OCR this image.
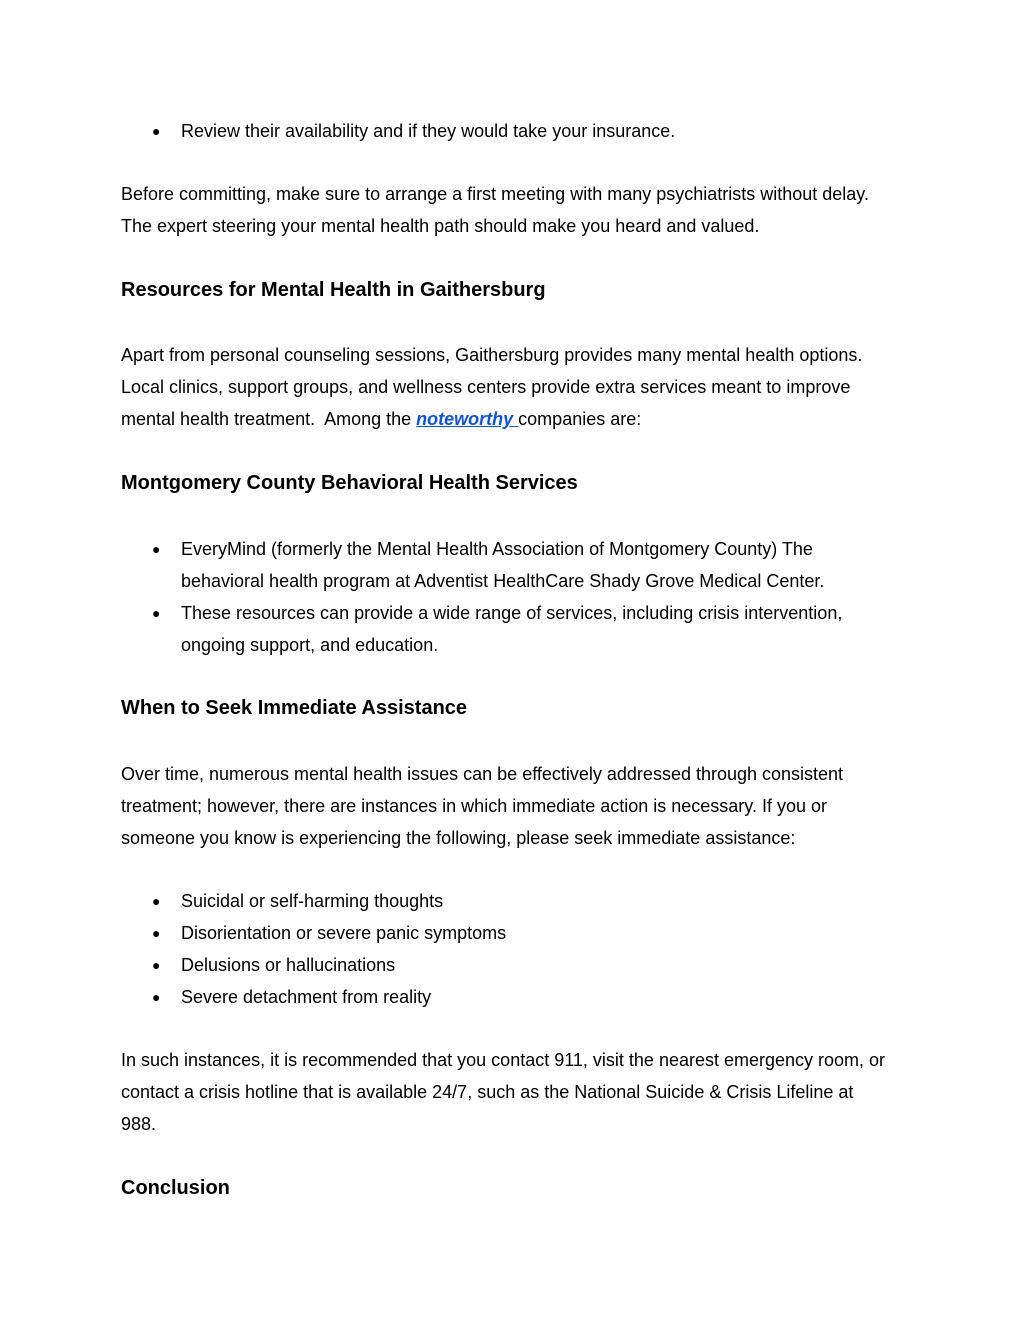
● Review their availability and if they would take your insurance.
Before committing, make sure to arrange a first meeting with many psychiatrists without delay.
The expert steering your mental health path should make you heard and valued.
Resources for Mental Health in Gaithersburg
Apart from personal counseling sessions, Gaithersburg provides many mental health options.
Local clinics, support groups, and wellness centers provide extra services meant to improve
mental health treatment.  Among the noteworthy companies are:
Montgomery County Behavioral Health Services
● EveryMind (formerly the Mental Health Association of Montgomery County) The
behavioral health program at Adventist HealthCare Shady Grove Medical Center.
● These resources can provide a wide range of services, including crisis intervention,
ongoing support, and education.
When to Seek Immediate Assistance
Over time, numerous mental health issues can be effectively addressed through consistent
treatment; however, there are instances in which immediate action is necessary. If you or
someone you know is experiencing the following, please seek immediate assistance:
● Suicidal or self-harming thoughts
● Disorientation or severe panic symptoms
● Delusions or hallucinations
● Severe detachment from reality
In such instances, it is recommended that you contact 911, visit the nearest emergency room, or
contact a crisis hotline that is available 24/7, such as the National Suicide & Crisis Lifeline at
988.
Conclusion
